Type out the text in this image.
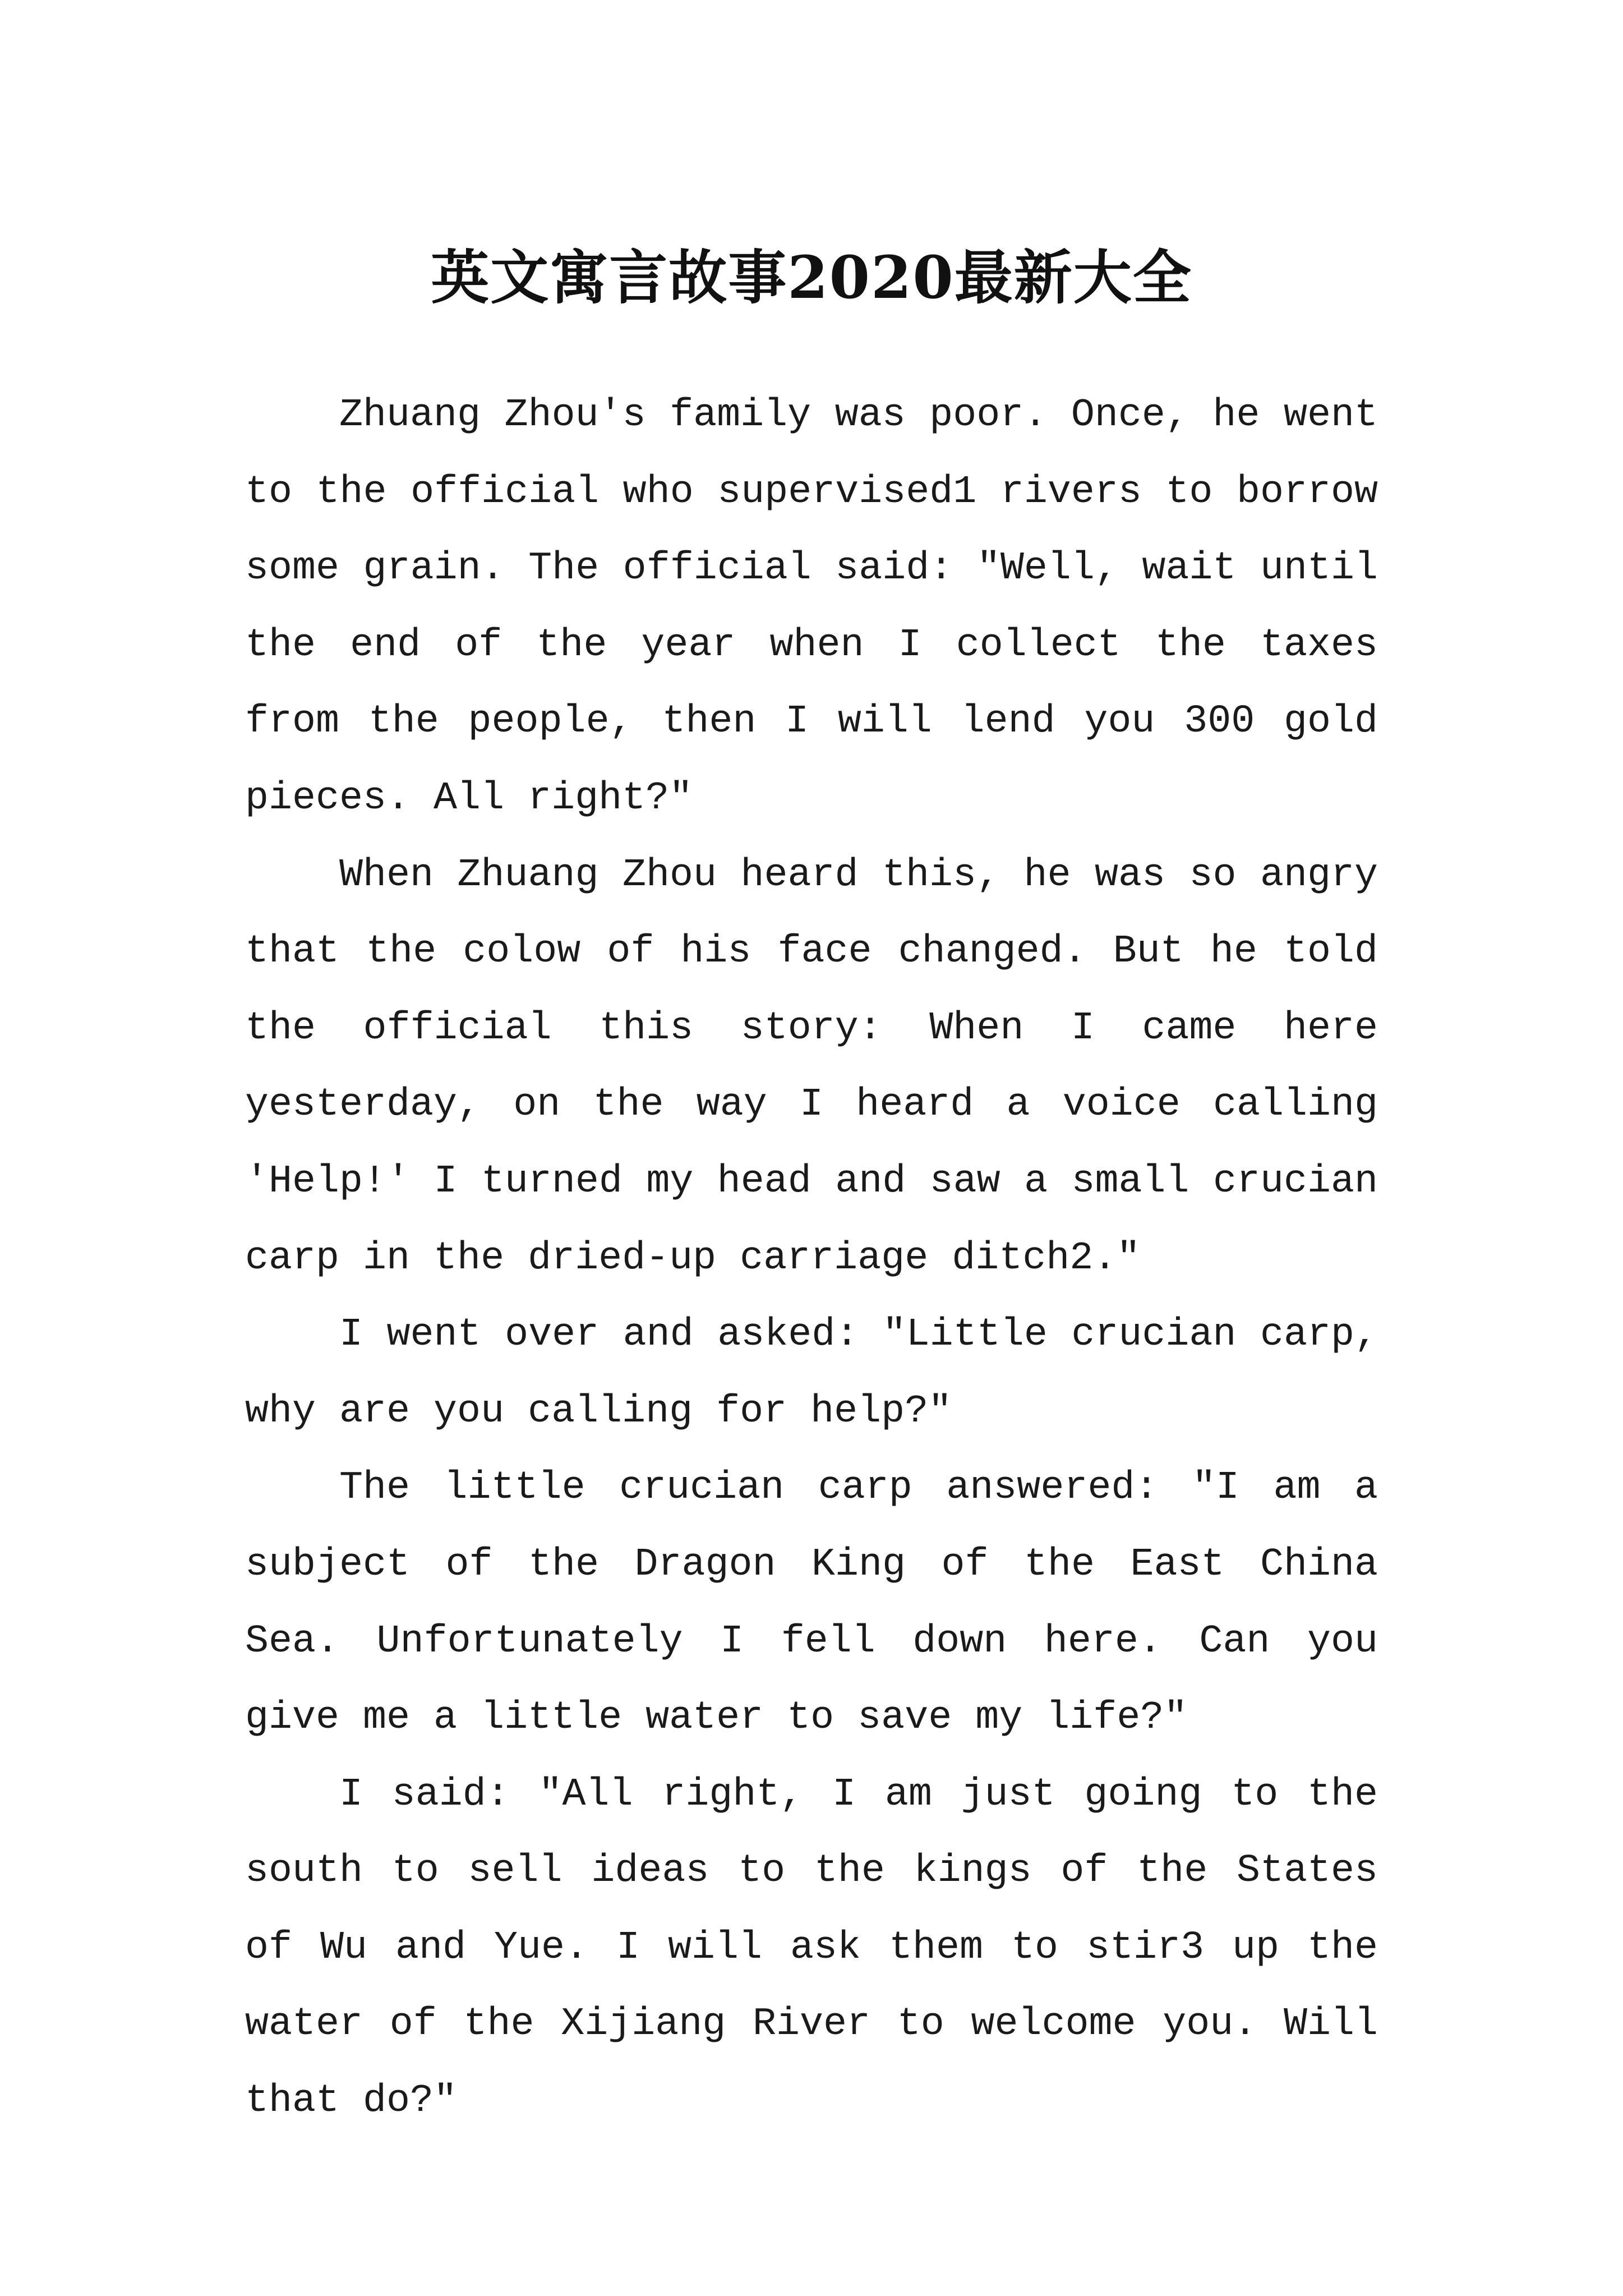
英文寓言故事2020最新大全

Zhuang Zhou's family was poor. Once, he went to the official who supervised1 rivers to borrow some grain. The official said: "Well, wait until the end of the year when I collect the taxes from the people, then I will lend you 300 gold pieces. All right?"

When Zhuang Zhou heard this, he was so angry that the colow of his face changed. But he told the official this story: When I came here yesterday, on the way I heard a voice calling 'Help!' I turned my head and saw a small crucian carp in the dried-up carriage ditch2."

I went over and asked: "Little crucian carp, why are you calling for help?"

The little crucian carp answered: "I am a subject of the Dragon King of the East China Sea. Unfortunately I fell down here. Can you give me a little water to save my life?"

I said: "All right, I am just going to the south to sell ideas to the kings of the States of Wu and Yue. I will ask them to stir3 up the water of the Xijiang River to welcome you. Will that do?"
